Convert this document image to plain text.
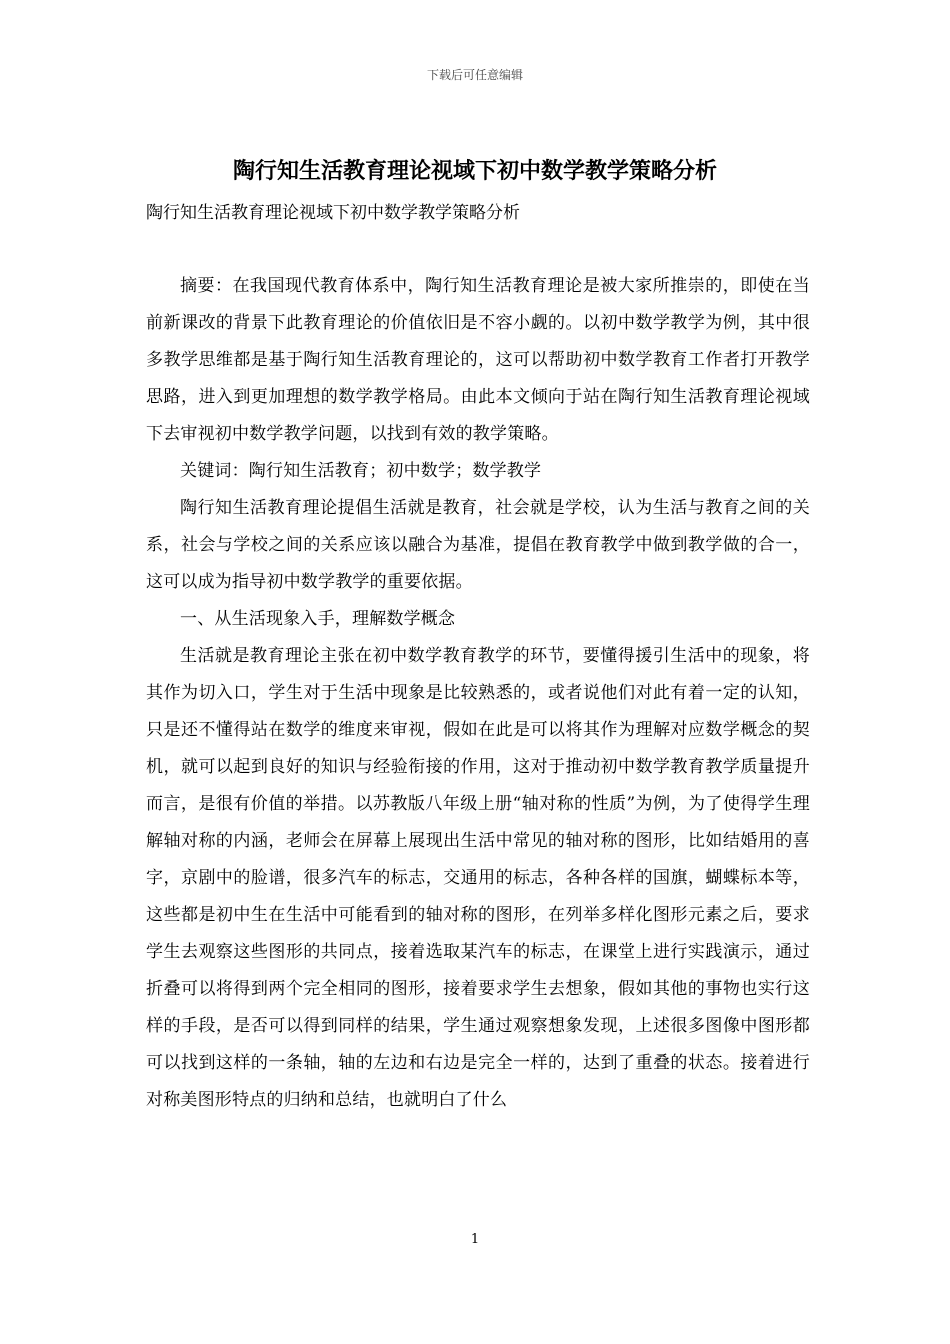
下载后可任意编辑
陶行知生活教育理论视域下初中数学教学策略分析

陶行知生活教育理论视域下初中数学教学策略分析

摘要：在我国现代教育体系中，陶行知生活教育理论是被大家所推崇的，即使在当前新课改的背景下此教育理论的价值依旧是不容小觑的。以初中数学教学为例，其中很多教学思维都是基于陶行知生活教育理论的，这可以帮助初中数学教育工作者打开教学思路，进入到更加理想的数学教学格局。由此本文倾向于站在陶行知生活教育理论视域下去审视初中数学教学问题，以找到有效的教学策略。

关键词：陶行知生活教育；初中数学；数学教学

陶行知生活教育理论提倡生活就是教育，社会就是学校，认为生活与教育之间的关系，社会与学校之间的关系应该以融合为基准，提倡在教育教学中做到教学做的合一，这可以成为指导初中数学教学的重要依据。

一、从生活现象入手，理解数学概念

生活就是教育理论主张在初中数学教育教学的环节，要懂得援引生活中的现象，将其作为切入口，学生对于生活中现象是比较熟悉的，或者说他们对此有着一定的认知，只是还不懂得站在数学的维度来审视，假如在此是可以将其作为理解对应数学概念的契机，就可以起到良好的知识与经验衔接的作用，这对于推动初中数学教育教学质量提升而言，是很有价值的举措。以苏教版八年级上册“轴对称的性质”为例，为了使得学生理解轴对称的内涵，老师会在屏幕上展现出生活中常见的轴对称的图形，比如结婚用的喜字，京剧中的脸谱，很多汽车的标志，交通用的标志，各种各样的国旗，蝴蝶标本等，这些都是初中生在生活中可能看到的轴对称的图形，在列举多样化图形元素之后，要求学生去观察这些图形的共同点，接着选取某汽车的标志，在课堂上进行实践演示，通过折叠可以将得到两个完全相同的图形，接着要求学生去想象，假如其他的事物也实行这样的手段，是否可以得到同样的结果，学生通过观察想象发现，上述很多图像中图形都可以找到这样的一条轴，轴的左边和右边是完全一样的，达到了重叠的状态。接着进行对称美图形特点的归纳和总结，也就明白了什么

1
